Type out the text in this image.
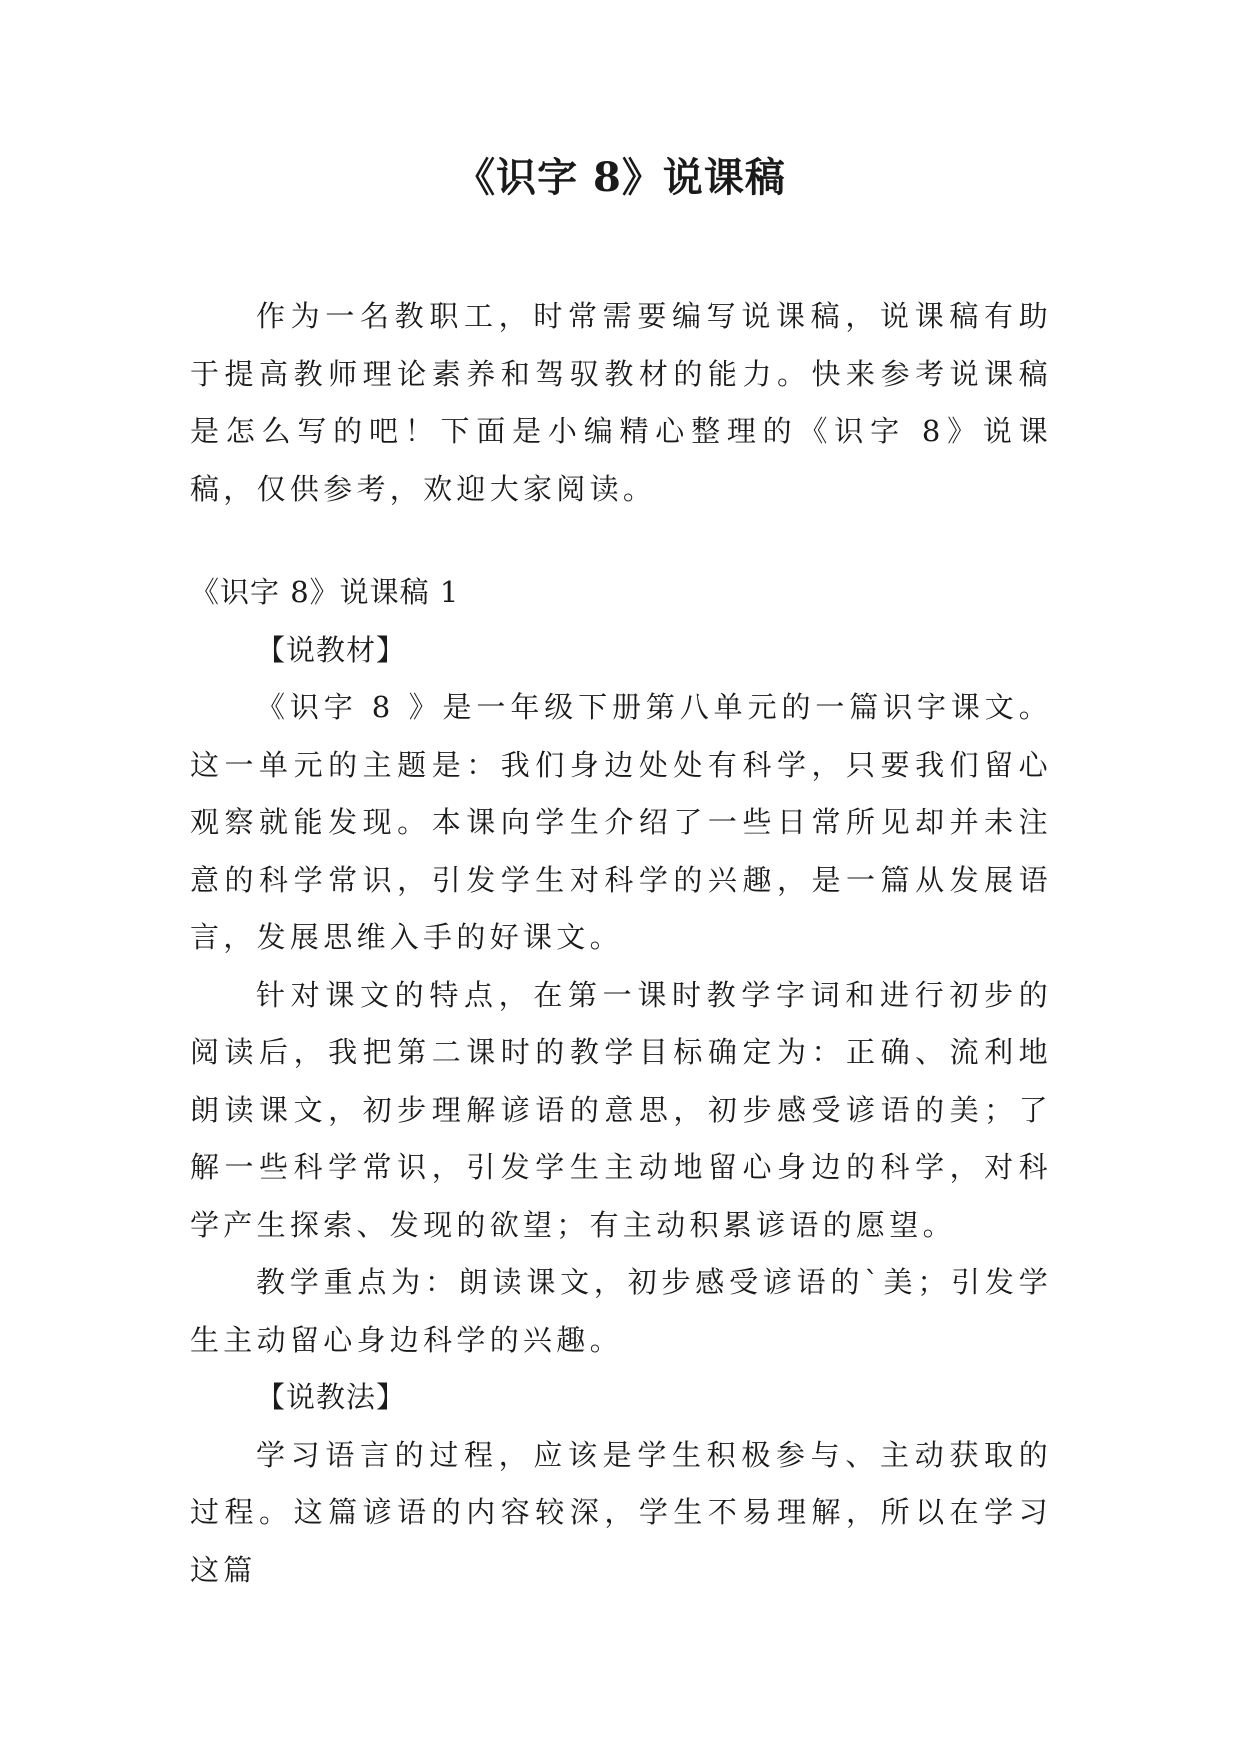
《识字 8》说课稿

作为一名教职工，时常需要编写说课稿，说课稿有助于提高教师理论素养和驾驭教材的能力。快来参考说课稿是怎么写的吧！下面是小编精心整理的《识字 8》说课稿，仅供参考，欢迎大家阅读。

《识字 8》说课稿 1

【说教材】

《识字 8 》是一年级下册第八单元的一篇识字课文。这一单元的主题是：我们身边处处有科学，只要我们留心观察就能发现。本课向学生介绍了一些日常所见却并未注意的科学常识，引发学生对科学的兴趣，是一篇从发展语言，发展思维入手的好课文。

针对课文的特点，在第一课时教学字词和进行初步的阅读后，我把第二课时的教学目标确定为：正确、流利地朗读课文，初步理解谚语的意思，初步感受谚语的美；了解一些科学常识，引发学生主动地留心身边的科学，对科学产生探索、发现的欲望；有主动积累谚语的愿望。

教学重点为：朗读课文，初步感受谚语的`美；引发学生主动留心身边科学的兴趣。

【说教法】

学习语言的过程，应该是学生积极参与、主动获取的过程。这篇谚语的内容较深，学生不易理解，所以在学习这篇
